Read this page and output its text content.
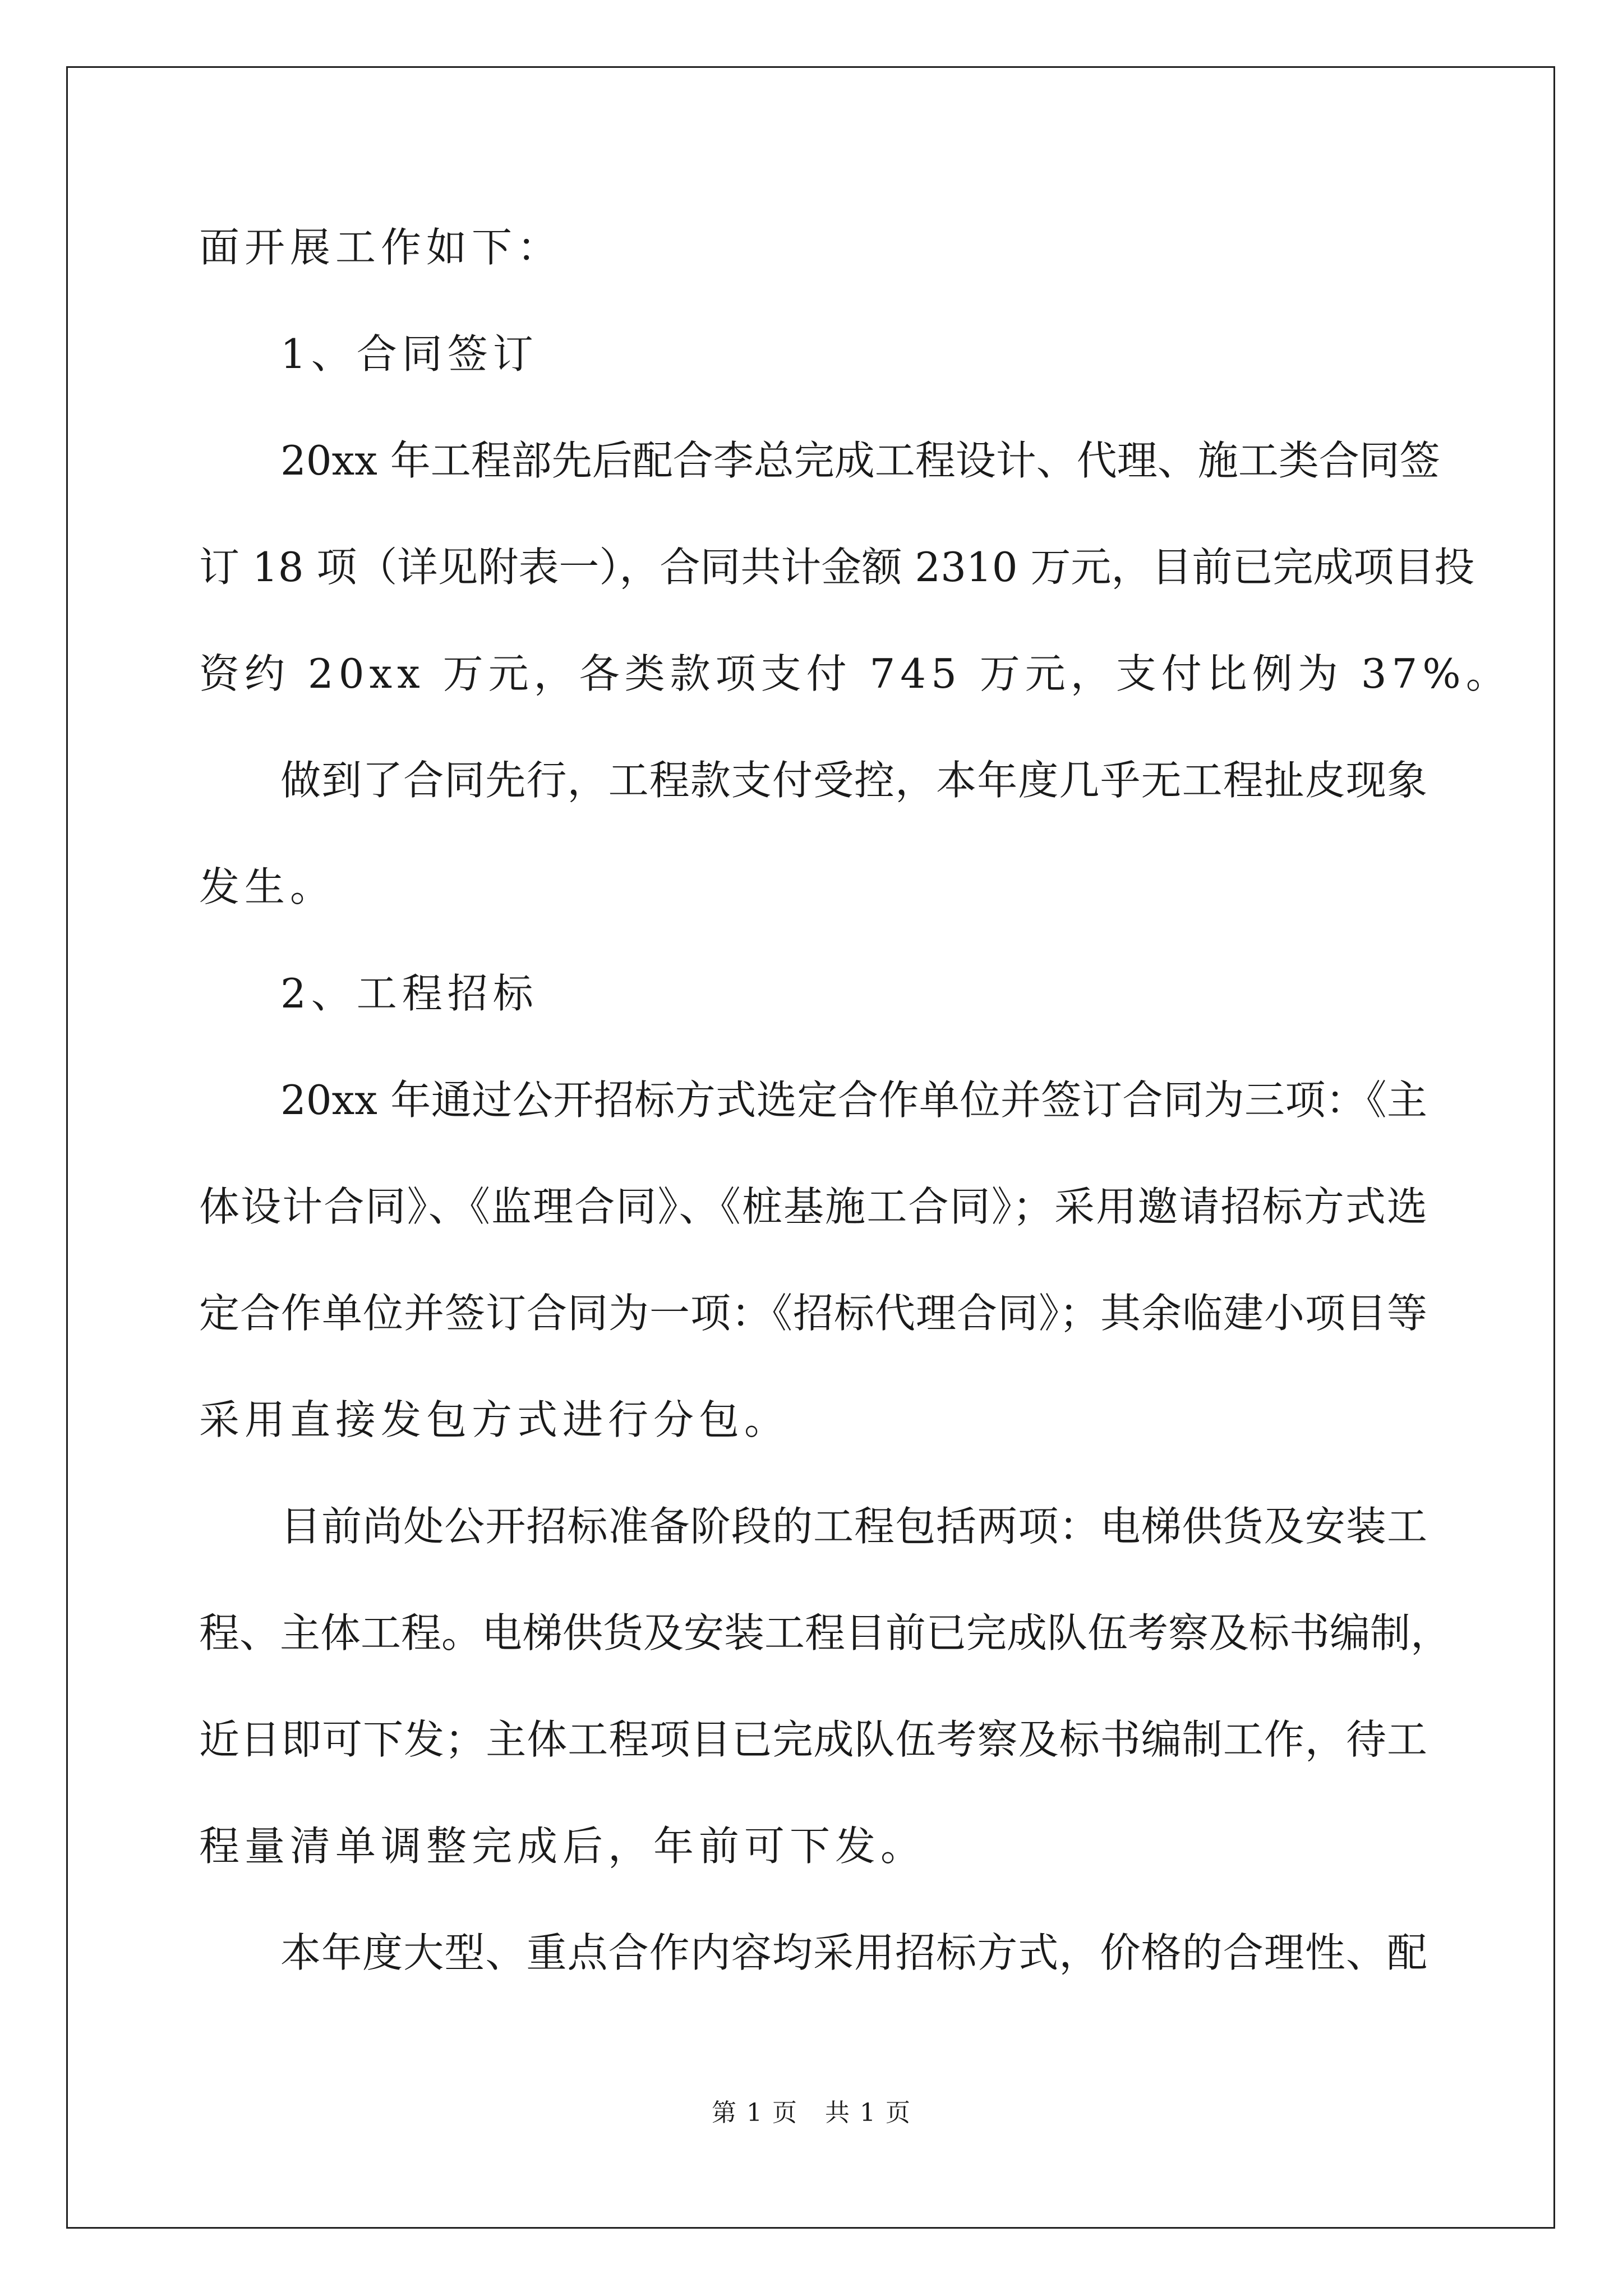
面开展工作如下：
1、合同签订
20xx 年工程部先后配合李总完成工程设计、代理、施工类合同签
订 18 项（详见附表一），合同共计金额 2310 万元，目前已完成项目投
资约 20xx 万元，各类款项支付 745 万元，支付比例为 37%。
做到了合同先行，工程款支付受控，本年度几乎无工程扯皮现象
发生。
2、工程招标
20xx 年通过公开招标方式选定合作单位并签订合同为三项：《主
体设计合同》、《监理合同》、《桩基施工合同》；采用邀请招标方式选
定合作单位并签订合同为一项：《招标代理合同》；其余临建小项目等
采用直接发包方式进行分包。
目前尚处公开招标准备阶段的工程包括两项：电梯供货及安装工
程、主体工程。电梯供货及安装工程目前已完成队伍考察及标书编制，
近日即可下发；主体工程项目已完成队伍考察及标书编制工作，待工
程量清单调整完成后，年前可下发。
本年度大型、重点合作内容均采用招标方式，价格的合理性、配
第 1 页   共 1 页
